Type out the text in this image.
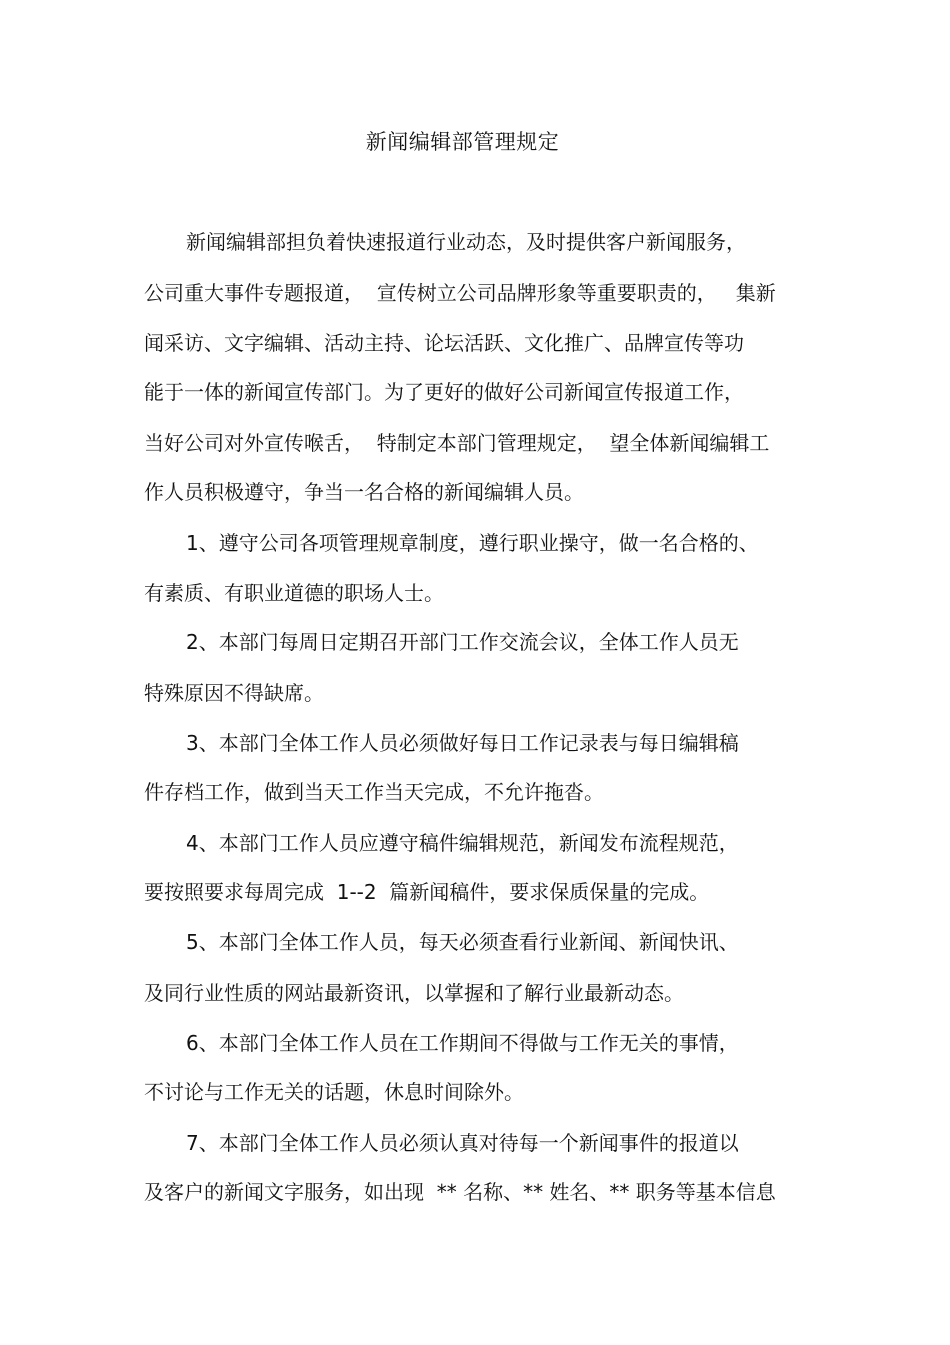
新闻编辑部管理规定
新闻编辑部担负着快速报道行业动态，及时提供客户新闻服务，
公司重大事件专题报道，  宣传树立公司品牌形象等重要职责的，   集新
闻采访、文字编辑、活动主持、论坛活跃、文化推广、品牌宣传等功
能于一体的新闻宣传部门。为了更好的做好公司新闻宣传报道工作，
当好公司对外宣传喉舌，  特制定本部门管理规定，  望全体新闻编辑工
作人员积极遵守，争当一名合格的新闻编辑人员。
1、遵守公司各项管理规章制度，遵行职业操守，做一名合格的、
有素质、有职业道德的职场人士。
2、本部门每周日定期召开部门工作交流会议，全体工作人员无
特殊原因不得缺席。
3、本部门全体工作人员必须做好每日工作记录表与每日编辑稿
件存档工作，做到当天工作当天完成，不允许拖沓。
4、本部门工作人员应遵守稿件编辑规范，新闻发布流程规范，
要按照要求每周完成  1--2  篇新闻稿件，要求保质保量的完成。
5、本部门全体工作人员，每天必须查看行业新闻、新闻快讯、
及同行业性质的网站最新资讯，以掌握和了解行业最新动态。
6、本部门全体工作人员在工作期间不得做与工作无关的事情，
不讨论与工作无关的话题，休息时间除外。
7、本部门全体工作人员必须认真对待每一个新闻事件的报道以
及客户的新闻文字服务，如出现  ** 名称、** 姓名、** 职务等基本信息
